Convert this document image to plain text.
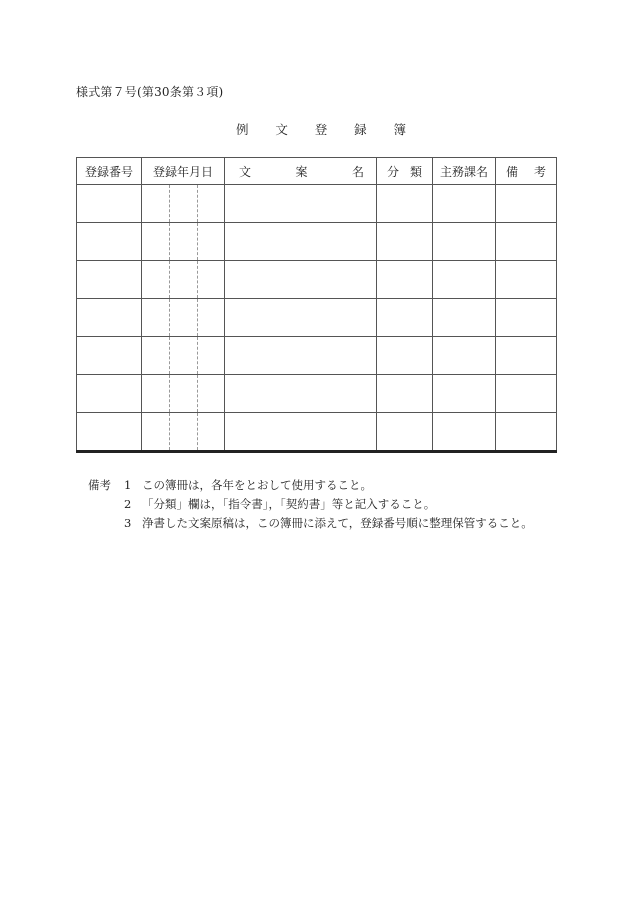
様式第７号(第30条第３項)
例 文 登 録 簿
登録番号	登録年月日	文 案 名	分 類	主務課名	備 考

備考	1 この簿冊は，各年をとおして使用すること。
2 「分類」欄は，「指令書」，「契約書」等と記入すること。
3 浄書した文案原稿は，この簿冊に添えて，登録番号順に整理保管すること。
